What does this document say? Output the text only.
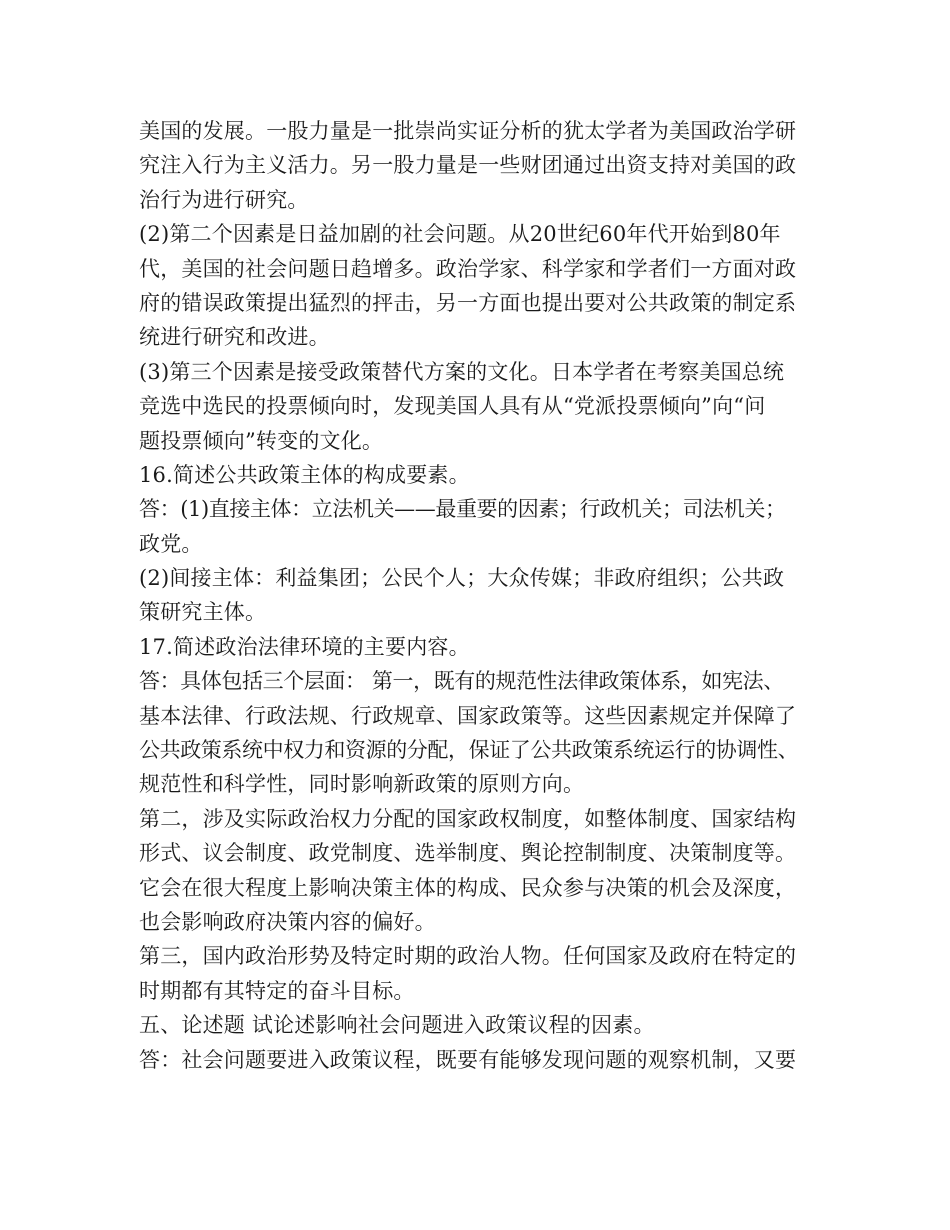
美国的发展。一股力量是一批崇尚实证分析的犹太学者为美国政治学研
究注入行为主义活力。另一股力量是一些财团通过出资支持对美国的政
治行为进行研究。
(2)第二个因素是日益加剧的社会问题。从20世纪60年代开始到80年
代，美国的社会问题日趋增多。政治学家、科学家和学者们一方面对政
府的错误政策提出猛烈的抨击，另一方面也提出要对公共政策的制定系
统进行研究和改进。
(3)第三个因素是接受政策替代方案的文化。日本学者在考察美国总统
竞选中选民的投票倾向时，发现美国人具有从“党派投票倾向”向“问
题投票倾向”转变的文化。
16.简述公共政策主体的构成要素。
答：(1)直接主体：立法机关——最重要的因素；行政机关；司法机关；
政党。
(2)间接主体：利益集团；公民个人；大众传媒；非政府组织；公共政
策研究主体。
17.简述政治法律环境的主要内容。
答：具体包括三个层面： 第一，既有的规范性法律政策体系，如宪法、
基本法律、行政法规、行政规章、国家政策等。这些因素规定并保障了
公共政策系统中权力和资源的分配，保证了公共政策系统运行的协调性、
规范性和科学性，同时影响新政策的原则方向。
第二，涉及实际政治权力分配的国家政权制度，如整体制度、国家结构
形式、议会制度、政党制度、选举制度、舆论控制制度、决策制度等。
它会在很大程度上影响决策主体的构成、民众参与决策的机会及深度，
也会影响政府决策内容的偏好。
第三，国内政治形势及特定时期的政治人物。任何国家及政府在特定的
时期都有其特定的奋斗目标。
五、论述题 试论述影响社会问题进入政策议程的因素。
答：社会问题要进入政策议程，既要有能够发现问题的观察机制，又要
